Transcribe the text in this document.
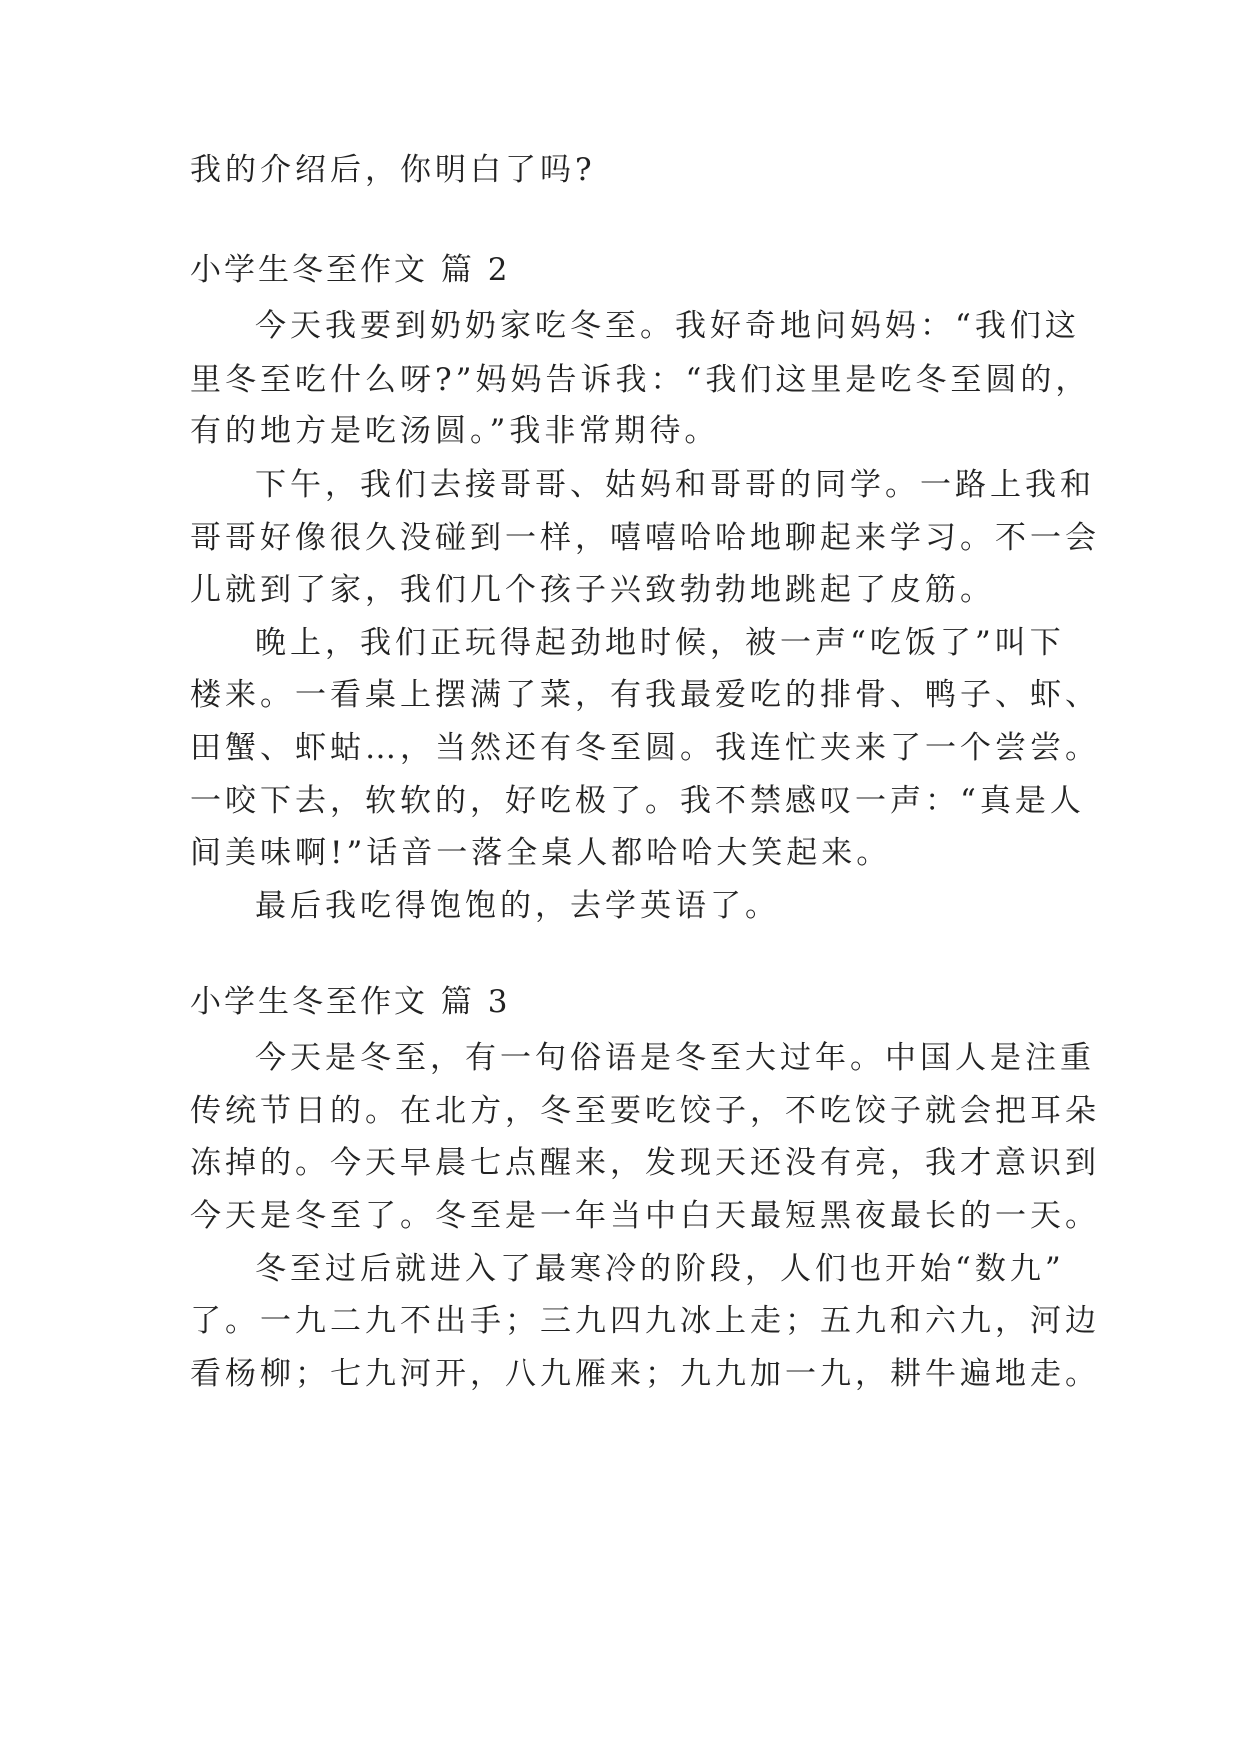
我的介绍后，你明白了吗?
小学生冬至作文 篇 2
今天我要到奶奶家吃冬至。我好奇地问妈妈：“我们这
里冬至吃什么呀?”妈妈告诉我：“我们这里是吃冬至圆的，
有的地方是吃汤圆。”我非常期待。
下午，我们去接哥哥、姑妈和哥哥的同学。一路上我和
哥哥好像很久没碰到一样，嘻嘻哈哈地聊起来学习。不一会
儿就到了家，我们几个孩子兴致勃勃地跳起了皮筋。
晚上，我们正玩得起劲地时候，被一声“吃饭了”叫下
楼来。一看桌上摆满了菜，有我最爱吃的排骨、鸭子、虾、
田蟹、虾蛄…，当然还有冬至圆。我连忙夹来了一个尝尝。
一咬下去，软软的，好吃极了。我不禁感叹一声：“真是人
间美味啊!”话音一落全桌人都哈哈大笑起来。
最后我吃得饱饱的，去学英语了。
小学生冬至作文 篇 3
今天是冬至，有一句俗语是冬至大过年。中国人是注重
传统节日的。在北方，冬至要吃饺子，不吃饺子就会把耳朵
冻掉的。今天早晨七点醒来，发现天还没有亮，我才意识到
今天是冬至了。冬至是一年当中白天最短黑夜最长的一天。
冬至过后就进入了最寒冷的阶段，人们也开始“数九”
了。一九二九不出手；三九四九冰上走；五九和六九，河边
看杨柳；七九河开，八九雁来；九九加一九，耕牛遍地走。
